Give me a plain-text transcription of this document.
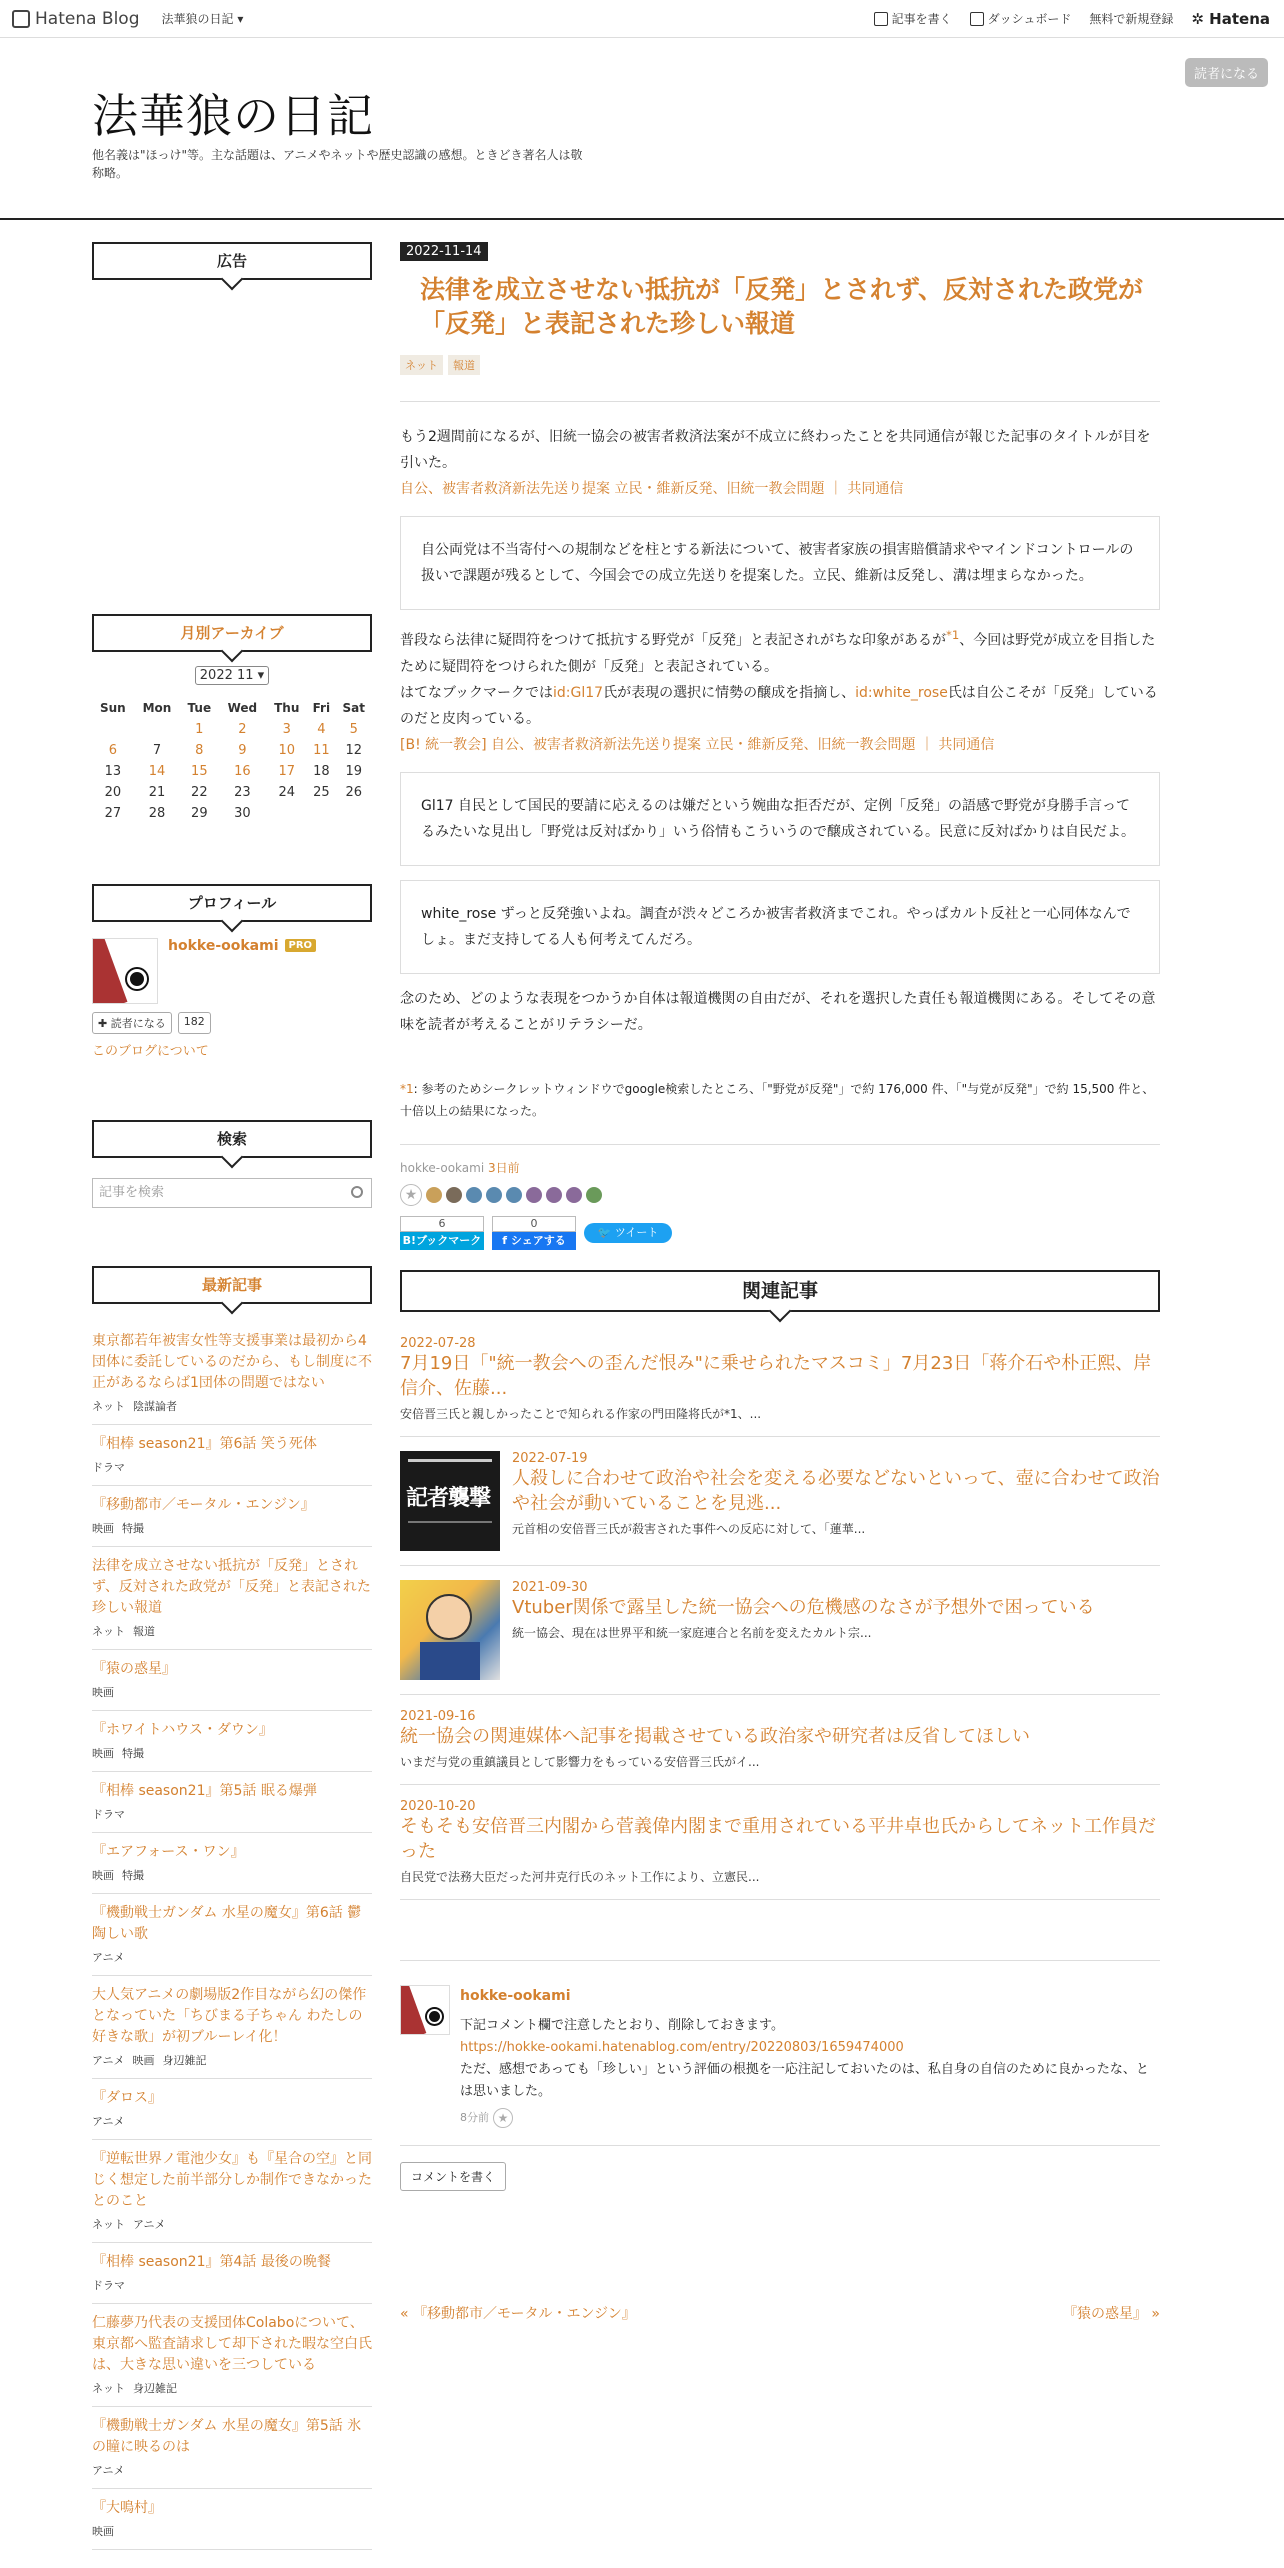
Hatena Blog 法華狼の日記 ▾	記事を書く	ダッシュボード 無料で新規登録 ✲ Hatena
法華狼の日記
他名義は"ほっけ"等。主な話題は、アニメやネットや歴史認識の感想。ときどき著名人は敬称略。
読者になる
広告
月別アーカイブ
2022 11 ▾
Sun	Mon	Tue	Wed	Thu	Fri	Sat
		1	2	3	4	5
6	7	8	9	10	11	12
13	14	15	16	17	18	19
20	21	22	23	24	25	26
27	28	29	30			
プロフィール
hokke-ookami PRO
✚ 読者になる	182
このブログについて
検索
記事を検索
最新記事
東京都若年被害女性等支援事業は最初から4団体に委託しているのだから、もし制度に不正があるならば1団体の問題ではない
ネット 陰謀論者
『相棒 season21』第6話 笑う死体
ドラマ
『移動都市／モータル・エンジン』
映画 特撮
法律を成立させない抵抗が「反発」とされず、反対された政党が「反発」と表記された珍しい報道
ネット 報道
『猿の惑星』
映画
『ホワイトハウス・ダウン』
映画 特撮
『相棒 season21』第5話 眠る爆弾
ドラマ
『エアフォース・ワン』
映画 特撮
『機動戦士ガンダム 水星の魔女』第6話 鬱陶しい歌
アニメ
大人気アニメの劇場版2作目ながら幻の傑作となっていた「ちびまる子ちゃん わたしの好きな歌」が初ブルーレイ化！
アニメ 映画 身辺雑記
『ダロス』
アニメ
『逆転世界ノ電池少女』も『星合の空』と同じく想定した前半部分しか制作できなかったとのこと
ネット アニメ
『相棒 season21』第4話 最後の晩餐
ドラマ
仁藤夢乃代表の支援団体Colaboについて、東京都へ監査請求して却下された暇な空白氏は、大きな思い違いを三つしている
ネット 身辺雑記
『機動戦士ガンダム 水星の魔女』第5話 氷の瞳に映るのは
アニメ
『大鳴村』
映画
2022-11-14
法律を成立させない抵抗が「反発」とされず、反対された政党が「反発」と表記された珍しい報道
ネット	報道
もう2週間前になるが、旧統一協会の被害者救済法案が不成立に終わったことを共同通信が報じた記事のタイトルが目を引いた。
自公、被害者救済新法先送り提案 立民・維新反発、旧統一教会問題 ｜ 共同通信
自公両党は不当寄付への規制などを柱とする新法について、被害者家族の損害賠償請求やマインドコントロールの扱いで課題が残るとして、今国会での成立先送りを提案した。立民、維新は反発し、溝は埋まらなかった。
普段なら法律に疑問符をつけて抵抗する野党が「反発」と表記されがちな印象があるが$^{*1}$、今回は野党が成立を目指したために疑問符をつけられた側が「反発」と表記されている。
はてなブックマークではid:Gl17氏が表現の選択に情勢の醸成を指摘し、id:white_rose氏は自公こそが「反発」しているのだと皮肉っている。
[B! 統一教会] 自公、被害者救済新法先送り提案 立民・維新反発、旧統一教会問題 ｜ 共同通信
Gl17 自民として国民的要請に応えるのは嫌だという婉曲な拒否だが、定例「反発」の語感で野党が身勝手言ってるみたいな見出し「野党は反対ばかり」いう俗情もこういうので醸成されている。民意に反対ばかりは自民だよ。
white_rose ずっと反発強いよね。調査が渋々どころか被害者救済までこれ。やっぱカルト反社と一心同体なんでしょ。まだ支持してる人も何考えてんだろ。
念のため、どのような表現をつかうか自体は報道機関の自由だが、それを選択した責任も報道機関にある。そしてその意味を読者が考えることがリテラシーだ。
*1: 参考のためシークレットウィンドウでgoogle検索したところ、「"野党が反発"」で約 176,000 件、「"与党が反発"」で約 15,500 件と、十倍以上の結果になった。
hokke-ookami 3日前
★
6
B!ブックマーク
0
f シェアする
🐦 ツイート
関連記事
2022-07-28
7月19日「"統一教会への歪んだ恨み"に乗せられたマスコミ」7月23日「蒋介石や朴正熙、岸信介、佐藤...
安倍晋三氏と親しかったことで知られる作家の門田隆将氏が*1、...
記者襲撃
2022-07-19
人殺しに合わせて政治や社会を変える必要などないといって、壺に合わせて政治や社会が動いていることを見逃...
元首相の安倍晋三氏が殺害された事件への反応に対して、「蓮華...
2021-09-30
Vtuber関係で露呈した統一協会への危機感のなさが予想外で困っている
統一協会、現在は世界平和統一家庭連合と名前を変えたカルト宗...
2021-09-16
統一協会の関連媒体へ記事を掲載させている政治家や研究者は反省してほしい
いまだ与党の重鎮議員として影響力をもっている安倍晋三氏がイ...
2020-10-20
そもそも安倍晋三内閣から菅義偉内閣まで重用されている平井卓也氏からしてネット工作員だった
自民党で法務大臣だった河井克行氏のネット工作により、立憲民...
hokke-ookami
下記コメント欄で注意したとおり、削除しておきます。
https://hokke-ookami.hatenablog.com/entry/20220803/1659474000
ただ、感想であっても「珍しい」という評価の根拠を一応注記しておいたのは、私自身の自信のために良かったな、とは思いました。
8分前 ★
コメントを書く
« 『移動都市／モータル・エンジン』	『猿の惑星』 »
